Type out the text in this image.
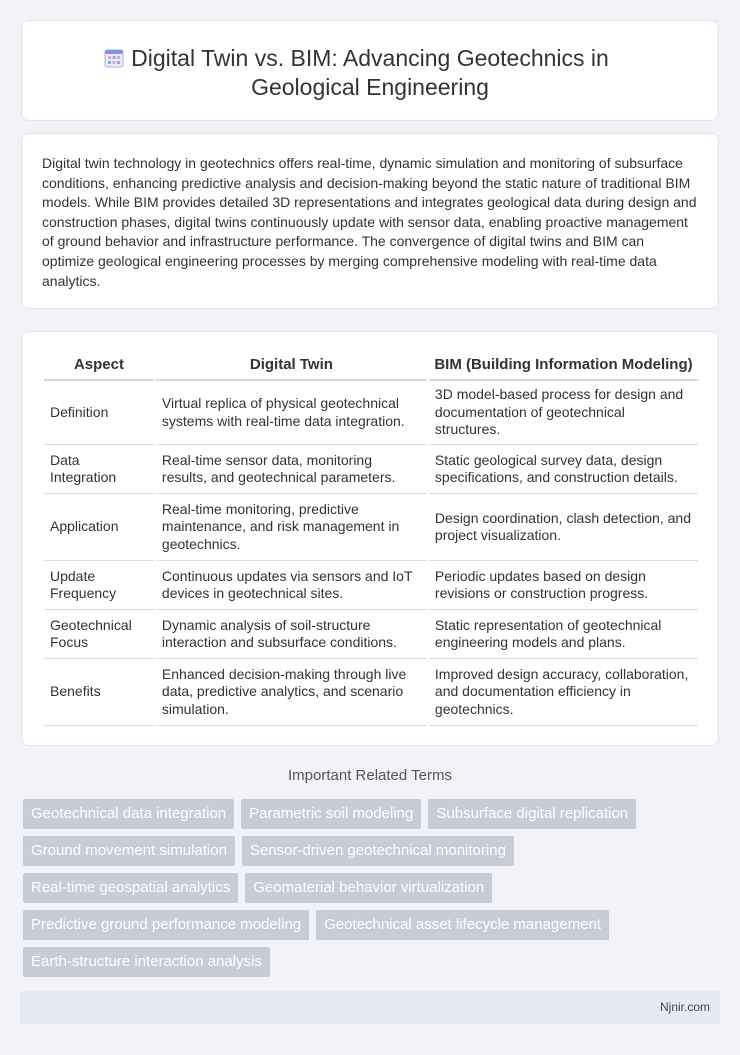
Digital Twin vs. BIM: Advancing Geotechnics in
Geological Engineering

Digital twin technology in geotechnics offers real-time, dynamic simulation and monitoring of subsurface conditions, enhancing predictive analysis and decision-making beyond the static nature of traditional BIM models. While BIM provides detailed 3D representations and integrates geological data during design and construction phases, digital twins continuously update with sensor data, enabling proactive management of ground behavior and infrastructure performance. The convergence of digital twins and BIM can optimize geological engineering processes by merging comprehensive modeling with real-time data analytics.

Aspect	Digital Twin	BIM (Building Information Modeling)
Definition	Virtual replica of physical geotechnical systems with real-time data integration.	3D model-based process for design and documentation of geotechnical structures.
Data Integration	Real-time sensor data, monitoring results, and geotechnical parameters.	Static geological survey data, design specifications, and construction details.
Application	Real-time monitoring, predictive maintenance, and risk management in geotechnics.	Design coordination, clash detection, and project visualization.
Update Frequency	Continuous updates via sensors and IoT devices in geotechnical sites.	Periodic updates based on design revisions or construction progress.
Geotechnical Focus	Dynamic analysis of soil-structure interaction and subsurface conditions.	Static representation of geotechnical engineering models and plans.
Benefits	Enhanced decision-making through live data, predictive analytics, and scenario simulation.	Improved design accuracy, collaboration, and documentation efficiency in geotechnics.
Important Related Terms
Geotechnical data integration	Parametric soil modeling	Subsurface digital replication
Ground movement simulation	Sensor-driven geotechnical monitoring
Real-time geospatial analytics	Geomaterial behavior virtualization
Predictive ground performance modeling	Geotechnical asset lifecycle management
Earth-structure interaction analysis
Njnir.com
